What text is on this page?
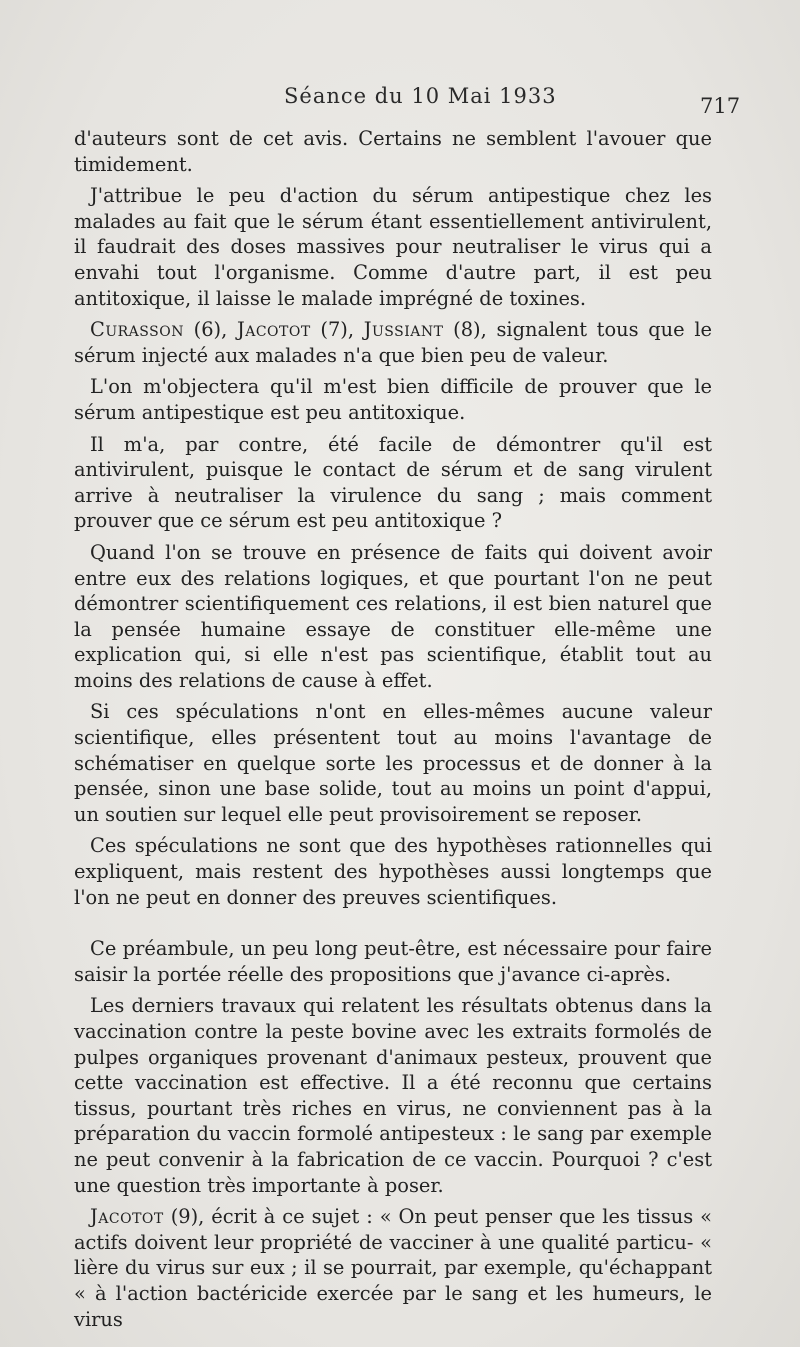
Séance du 10 Mai 1933	717

d'auteurs sont de cet avis. Certains ne semblent l'avouer que timidement.

J'attribue le peu d'action du sérum antipestique chez les malades au fait que le sérum étant essentiellement antivirulent, il faudrait des doses massives pour neutraliser le virus qui a envahi tout l'organisme. Comme d'autre part, il est peu antitoxique, il laisse le malade imprégné de toxines.

Curasson (6), Jacotot (7), Jussiant (8), signalent tous que le sérum injecté aux malades n'a que bien peu de valeur.

L'on m'objectera qu'il m'est bien difficile de prouver que le sérum antipestique est peu antitoxique.

Il m'a, par contre, été facile de démontrer qu'il est antivirulent, puisque le contact de sérum et de sang virulent arrive à neutraliser la virulence du sang ; mais comment prouver que ce sérum est peu antitoxique ?

Quand l'on se trouve en présence de faits qui doivent avoir entre eux des relations logiques, et que pourtant l'on ne peut démontrer scientifiquement ces relations, il est bien naturel que la pensée humaine essaye de constituer elle-même une explication qui, si elle n'est pas scientifique, établit tout au moins des relations de cause à effet.

Si ces spéculations n'ont en elles-mêmes aucune valeur scientifique, elles présentent tout au moins l'avantage de schématiser en quelque sorte les processus et de donner à la pensée, sinon une base solide, tout au moins un point d'appui, un soutien sur lequel elle peut provisoirement se reposer.

Ces spéculations ne sont que des hypothèses rationnelles qui expliquent, mais restent des hypothèses aussi longtemps que l'on ne peut en donner des preuves scientifiques.

Ce préambule, un peu long peut-être, est nécessaire pour faire saisir la portée réelle des propositions que j'avance ci-après.

Les derniers travaux qui relatent les résultats obtenus dans la vaccination contre la peste bovine avec les extraits formolés de pulpes organiques provenant d'animaux pesteux, prouvent que cette vaccination est effective. Il a été reconnu que certains tissus, pourtant très riches en virus, ne conviennent pas à la préparation du vaccin formolé antipesteux : le sang par exemple ne peut convenir à la fabrication de ce vaccin. Pourquoi ? c'est une question très importante à poser.

Jacotot (9), écrit à ce sujet : « On peut penser que les tissus « actifs doivent leur propriété de vacciner à une qualité particu- « lière du virus sur eux ; il se pourrait, par exemple, qu'échappant « à l'action bactéricide exercée par le sang et les humeurs, le virus
